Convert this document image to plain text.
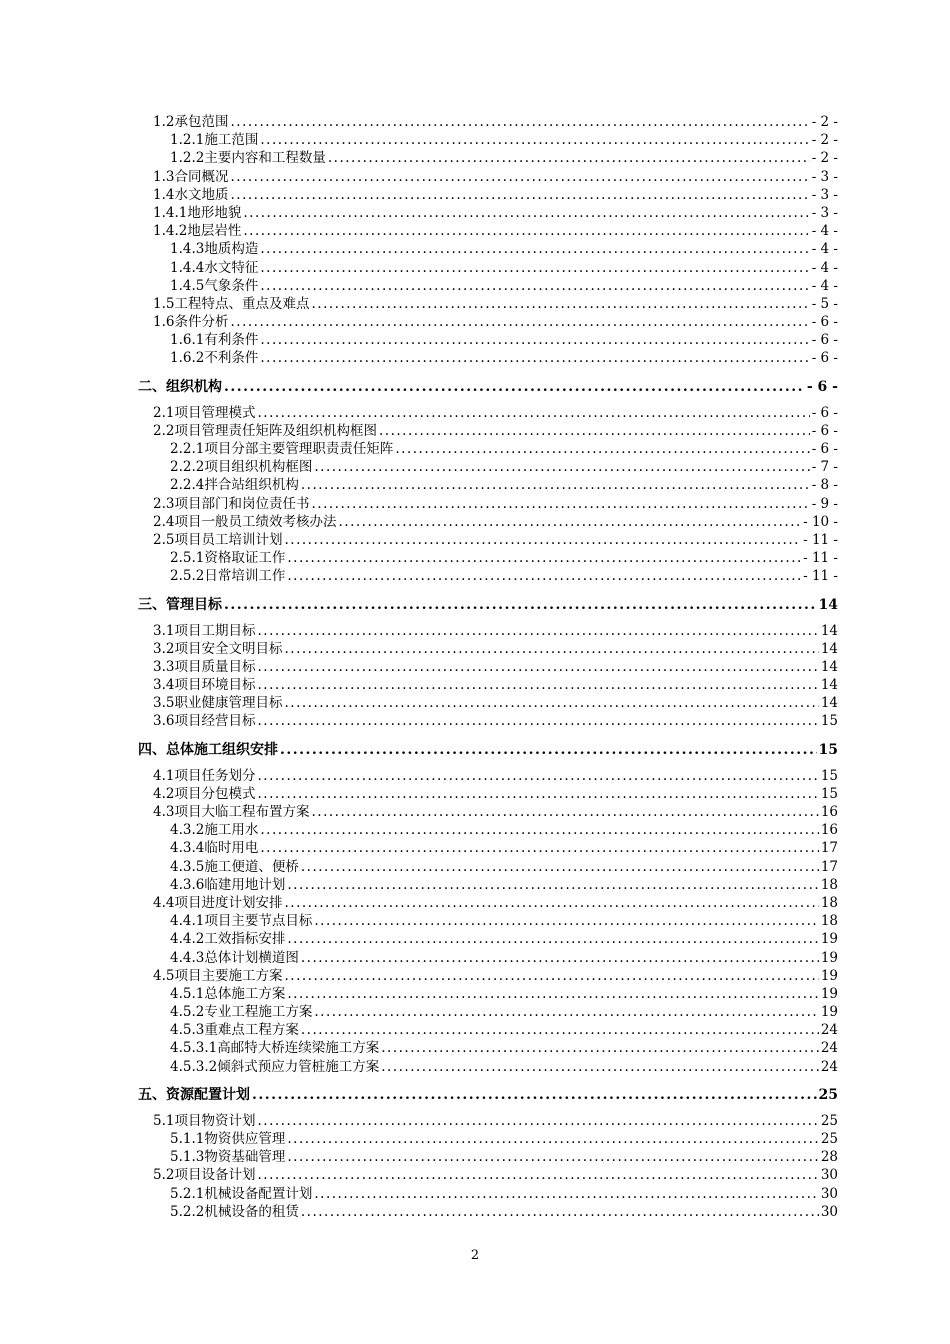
1.2承包范围 .....	- 2 -
1.2.1施工范围 .....	- 2 -
1.2.2主要内容和工程数量 .....	- 2 -
1.3合同概况 .....	- 3 -
1.4水文地质 .....	- 3 -
1.4.1地形地貌 .....	- 3 -
1.4.2地层岩性 .....	- 4 -
1.4.3地质构造 .....	- 4 -
1.4.4水文特征 .....	- 4 -
1.4.5气象条件 .....	- 4 -
1.5工程特点、重点及难点 .....	- 5 -
1.6条件分析 .....	- 6 -
1.6.1有利条件 .....	- 6 -
1.6.2不利条件 .....	- 6 -
二、组织机构 .....	- 6 -
2.1项目管理模式 .....	- 6 -
2.2项目管理责任矩阵及组织机构框图 .....	- 6 -
2.2.1项目分部主要管理职责责任矩阵 .....	- 6 -
2.2.2项目组织机构框图 .....	- 7 -
2.2.4拌合站组织机构 .....	- 8 -
2.3项目部门和岗位责任书 .....	- 9 -
2.4项目一般员工绩效考核办法 .....	- 10 -
2.5项目员工培训计划 .....	- 11 -
2.5.1资格取证工作 .....	- 11 -
2.5.2日常培训工作 .....	- 11 -
三、管理目标 .....	14
3.1项目工期目标 .....	14
3.2项目安全文明目标 .....	14
3.3项目质量目标 .....	14
3.4项目环境目标 .....	14
3.5职业健康管理目标 .....	14
3.6项目经营目标 .....	15
四、总体施工组织安排 .....	15
4.1项目任务划分 .....	15
4.2项目分包模式 .....	15
4.3项目大临工程布置方案 .....	16
4.3.2施工用水 .....	16
4.3.4临时用电 .....	17
4.3.5施工便道、便桥 .....	17
4.3.6临建用地计划 .....	18
4.4项目进度计划安排 .....	18
4.4.1项目主要节点目标 .....	18
4.4.2工效指标安排 .....	19
4.4.3总体计划横道图 .....	19
4.5项目主要施工方案 .....	19
4.5.1总体施工方案 .....	19
4.5.2专业工程施工方案 .....	19
4.5.3重难点工程方案 .....	24
4.5.3.1高邮特大桥连续梁施工方案 .....	24
4.5.3.2倾斜式预应力管桩施工方案 .....	24
五、资源配置计划 .....	25
5.1项目物资计划 .....	25
5.1.1物资供应管理 .....	25
5.1.3物资基础管理 .....	28
5.2项目设备计划 .....	30
5.2.1机械设备配置计划 .....	30
5.2.2机械设备的租赁 .....	30
2
